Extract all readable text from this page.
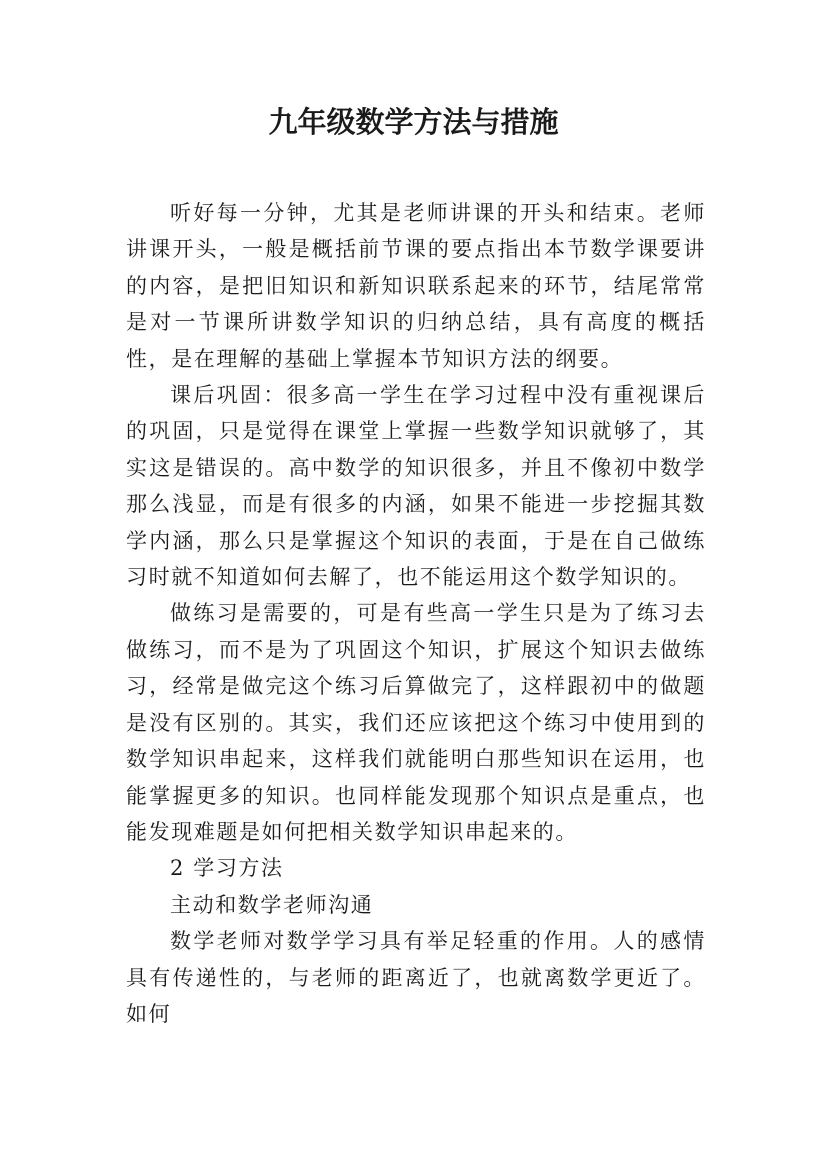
九年级数学方法与措施

听好每一分钟，尤其是老师讲课的开头和结束。老师讲课开头，一般是概括前节课的要点指出本节数学课要讲的内容，是把旧知识和新知识联系起来的环节，结尾常常是对一节课所讲数学知识的归纳总结，具有高度的概括性，是在理解的基础上掌握本节知识方法的纲要。

课后巩固：很多高一学生在学习过程中没有重视课后的巩固，只是觉得在课堂上掌握一些数学知识就够了，其实这是错误的。高中数学的知识很多，并且不像初中数学那么浅显，而是有很多的内涵，如果不能进一步挖掘其数学内涵，那么只是掌握这个知识的表面，于是在自己做练习时就不知道如何去解了，也不能运用这个数学知识的。

做练习是需要的，可是有些高一学生只是为了练习去做练习，而不是为了巩固这个知识，扩展这个知识去做练习，经常是做完这个练习后算做完了，这样跟初中的做题是没有区别的。其实，我们还应该把这个练习中使用到的数学知识串起来，这样我们就能明白那些知识在运用，也能掌握更多的知识。也同样能发现那个知识点是重点，也能发现难题是如何把相关数学知识串起来的。

2 学习方法

主动和数学老师沟通

数学老师对数学学习具有举足轻重的作用。人的感情具有传递性的，与老师的距离近了，也就离数学更近了。如何
